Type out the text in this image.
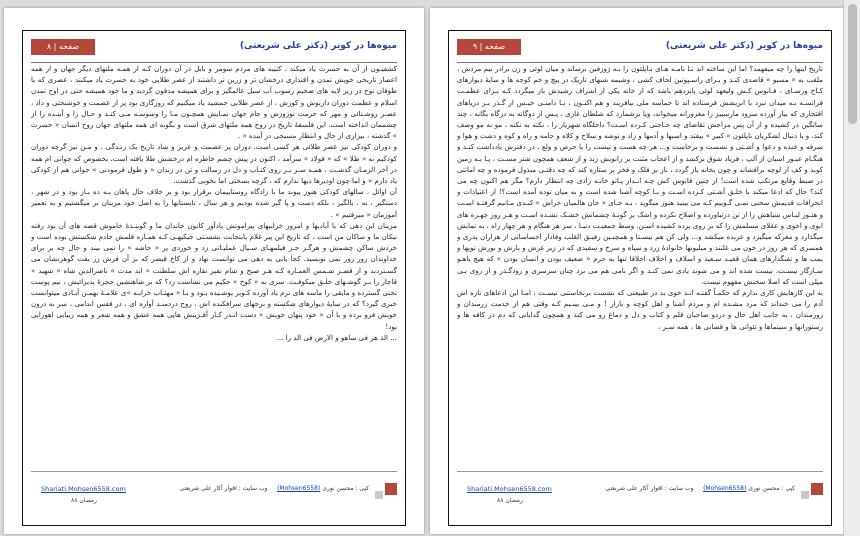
صفحه | ۸	میوه‌ها در کویر (دکتر علی شریعتی)

کشفیـون از آن به حسرت یاد میکند ، کتیبه های مردم سومر و بابل در آن دوران کـه از همـه ملتهای دیگر جهان و از همه اعصار تاریخی خویش تمدن و اقتداری درخشان تر و زرین تر داشتند از عصر طلایی خود به حسرت یاد میکنند ، عصری که با طوفان نوح در زیر لایه های ضخیم رسوب آب سیل عالمگیر و برای همیشه مدفون گردید و ما خود همیشه حتی در اوج تمدن اسلام و عظمت دوران داریوش و کورش ، از عصر طلایی جمشید یاد میکنیم که روزگاری بود پر از عصمت و خوشبختی و داد ، عصـر روشـنائی و مهر که حرمت نوروزش و جام جهان نمـایش همچـون مـا را وسوسـه مـی کنـد و حـال را و آینـده را از چشممان انداخته است. این فلسفهٔ تاریخ در روح همه ملتهای شرق است و بگونه ای همه ملتهای جهان روح انسان « حسرت » گذشته ، بیزاری از حال و انتظار مسیحی در آینده « .

و دوران کودکی نیز عصر طلائی هر کسی است. دوران پر عصمت و عزیز و شاد تاریخ یک زنـدگی . و مـن نیز گرچه دوران کودکیم نه « طلا » که « فولاد » سرآمد ، اکنون در پیش چشم خاطره ام درخشش طلا یافته است. بخصوص که جوانی ام همه در آخر الزمـان گذشـت ، همـه سـر بـر روی کتـاب و دل در رسالت و تن در زندان « و طول فرمودنی » جوانی هم از کودکی یاد دارم « و اما چون اودیرها دیها ندارم که ، گرچه بسختی اما بخوبی گذشت.

آن اوائل ، سالهای کودکی هنوز پیوند ما با زادگاه روستاییمان برقرار بود و بر خلاف حال پاهان بـه ده بـاز بود و در شهر ، دستگیر ، نه ، بالگیر ، بلکه دست و پا گیر شده بودیم و هر سال ، تابستانها را به اصل خود مزینان بر میگشتیم و به تعمیر آموزمان « میرفتیم » .

مزینان این دهی که با آبادیها و امروز خرابیهای پیرامونش یادآور کانون خاندان ما و گوینـدهٔ خاموش قصه های آن بود رفته نیکان ما و ساکان من است ، که تاریخ این پیر غلام پابنجابت نشسـتی جیکیهـی کـه همـاره قلمش خادم شکستش بوده است و خردش ساکن چشمش و هرگـز جـز فیلمهـای سـیال عملیـاتی زد و خوردی پر « حاشه » را نمی بیند و حال چه بر برای خداوندان زور زور نمی نوبسید. کجا یابی به دهی می توانست نهاد و از کاخ قیصر که بر آن فرش زر بفت گوهرنشان می گسـتردند و از قصـر شـمس العمـاره کـه هـر صبح و شام نفیر نقاره اش سلطنت « ابد مدت » ناصرالدین شاه « شهید » قاجار را بـر گوشـهای خلـق میکوفـت. سری به « کوخ » حکیم می نشاست زد؟ که بر شاهنشین حجرهٔ پدیرائیش ، نیم پوست تختی گسترده و مایقی را ماسه های نرم یاد آورده کـوبر پوشـیده بـود و بـا « مهتـاب خرابـه »ی علامـهٔ بهمـن آبـادی میتوانست خبری گیرد؟ که در سایهٔ دیوارهای شکسته و برجهای سرافکنده اش ، روح دردمنـد آواره ای ، در قفس اندامی ، سر به درون خویش فرو برده و با آن « خود پنهان خویش » دست انـدر کـار آفـرینش هایی همه عشق و همه شعر و همه زیبایی اهورایی بود!

... الذ هر فی ساهو و الارض فی الد را ...

کپی : محسن نوری (Mohsen6558)     وب سایت : اقوار آکار علی شریعتی
Shariati.Mohsen6558.com
رمضان ۸۸
صفحه | ۹	میوه‌ها در کویر (دکتر علی شریعتی)

تاریخ اینها را چه میفهمد؟ اما این ساخته اند تـا نامـه هـای نـاپلئون را بـه ژوزفین برساند و میان لوئی و زن برادر نیم مردش ، ملقب به « مسیو » قاصدی کنـد و بـرای راسـپوتین لحاف کشی ، وشیمه شبهای تاریک در پیچ و خم کوچه ها و سایهٔ دیوارهای کـاخ ورسـای ، فـانوس کـش ولیعهد لوئی پانزدهم باشد که از خانه یکی از اشراف رشیدش باز میگردد کـه بـرای عظمـت فرانسـه بـه میدان نبرد با انریشش فرستاده اند تا حماسه ملی بیافریند و هم اکنـون ، بـا دامنـی خیـس از گـذر بـر دریاهای افتخاری که بیار آورده سرود مارسییز را مغرورانه میخواند، ویا برشمارد که شلطان غازی ، پـس از دوگانه به درگاه یگانه ، چند ساتگین در کشیده و از آن پس مزاجش تقاضای چه حـاجتی کـرده اسـت؟ داخلگاه شهریار را ، نکته به نکته ، مو به مو وصف کند، و یا دنبال لشکریان ناپلئون « کبیر » بیفتد و اسبها و آدمها و زاد و توشه و سلاح و کلاه و جامه و راه و کوه و دشت و هوا و سرفه و خنده و دعوا و آشـتی و نشست و برخاست و... هر چه هست و نیست را با حرص و ولع ، در دفترش یادداشت کنـد و هنگـام عبـور اسبان از آلپ ، فریاد شوق برکشد و از اعجاب مثنت بر زانویش زند و از شعف همچون شتر مسـت ، پـا بـه زمین کوبد و کف از لوچه برافشاند و چون بخانه باز گردد ، ناز بر فلک و فخر بر ستاره کند که چه دقتـی مبذول فرموده و چه امانتی در ضبط وقایع مرتکب شده است! از چنین قانوس کش چـه انـداز پـاتو خانـه زادی چه انتظار دارم؟ مگر هم اکنون چه می کند؟ حال که ادعا میکند با خلـق آشـتی کـرده اسـت و بـا کوچه آشنا شده است و به میان توده آمده است؟! از اعتیادات و انحرافات قدیمش سخنی نمـی گـوییم کـه می بینید هنوز میگوید ، بـه جـای « جان هالمیان خراش » کنـدی مـانیم گرفتـه اسـت و هنـوز لبـاس سیاهش را از تن درنیاورده و اصلاح نکرده و اشک بر گونـهٔ چشمانش خشـک نشـده اسـت و هـر روز چهـره های ابوی و اخوی و عقلای مسلمش را که بر روی پرده کشیده اسـن. وسط جمعیـت دنیـا ، سر هر هنگام و هر چهار راه ، به نمایش میگذارد و معرکه میگیرد و عربده میکشد و... ولی کن هم نیسـتا و همچنـین رفیـق القلب وفادار احساسانی از هزاران پدری و همسری که هر روز در خون می غلتند و میلیونها خانوادهٔ زرد و سیاه و سرخ و سفیدی که در زیر غرش و بارش و بورش توپها و بمب ها و تفنگدارهای همان قفیـد سـعید و اسلاف و اخلاف اخلاقا تنها به جرم « ضعیف بودن و انسان بودن » که هیچ یاهـو سـازگار نیسـت، نیست شده اند و می شوند یادی نمی کنـد و اگر نامی هم می برد چنان سرسری و زودگـذر و از روی بـی میلی است که اصلا سخنش مفهوم نیست.

به این کارهایش کاری ندارم که حکمـاً گفتـه انـد خوی بد در طبیعتی که نشست برنخاستنی نیسـت ، امـا این ادعاهای تازه اش آدم را می خنداند که مرد مشـده ام و مردم آشنا و اهل کوچه و بازار ! و مـی بینـیم کـه وقتی هم از خدمت زرمندان و زورمندان ، به جانب اهل حال و دردو صاحبان قلم و کتاب و دل و دماغ رو می کند و همچون گدایانی که دم در کافه ها و رستورانها و سینماها و تئواتی ها و قصابی ها ، همه سـر ،

کپی : محسن نوری (Mohsen6558)     وب سایت : اقوار آکار علی شریعتی
Shariati.Mohsen6558.com
رمضان ۸۸
